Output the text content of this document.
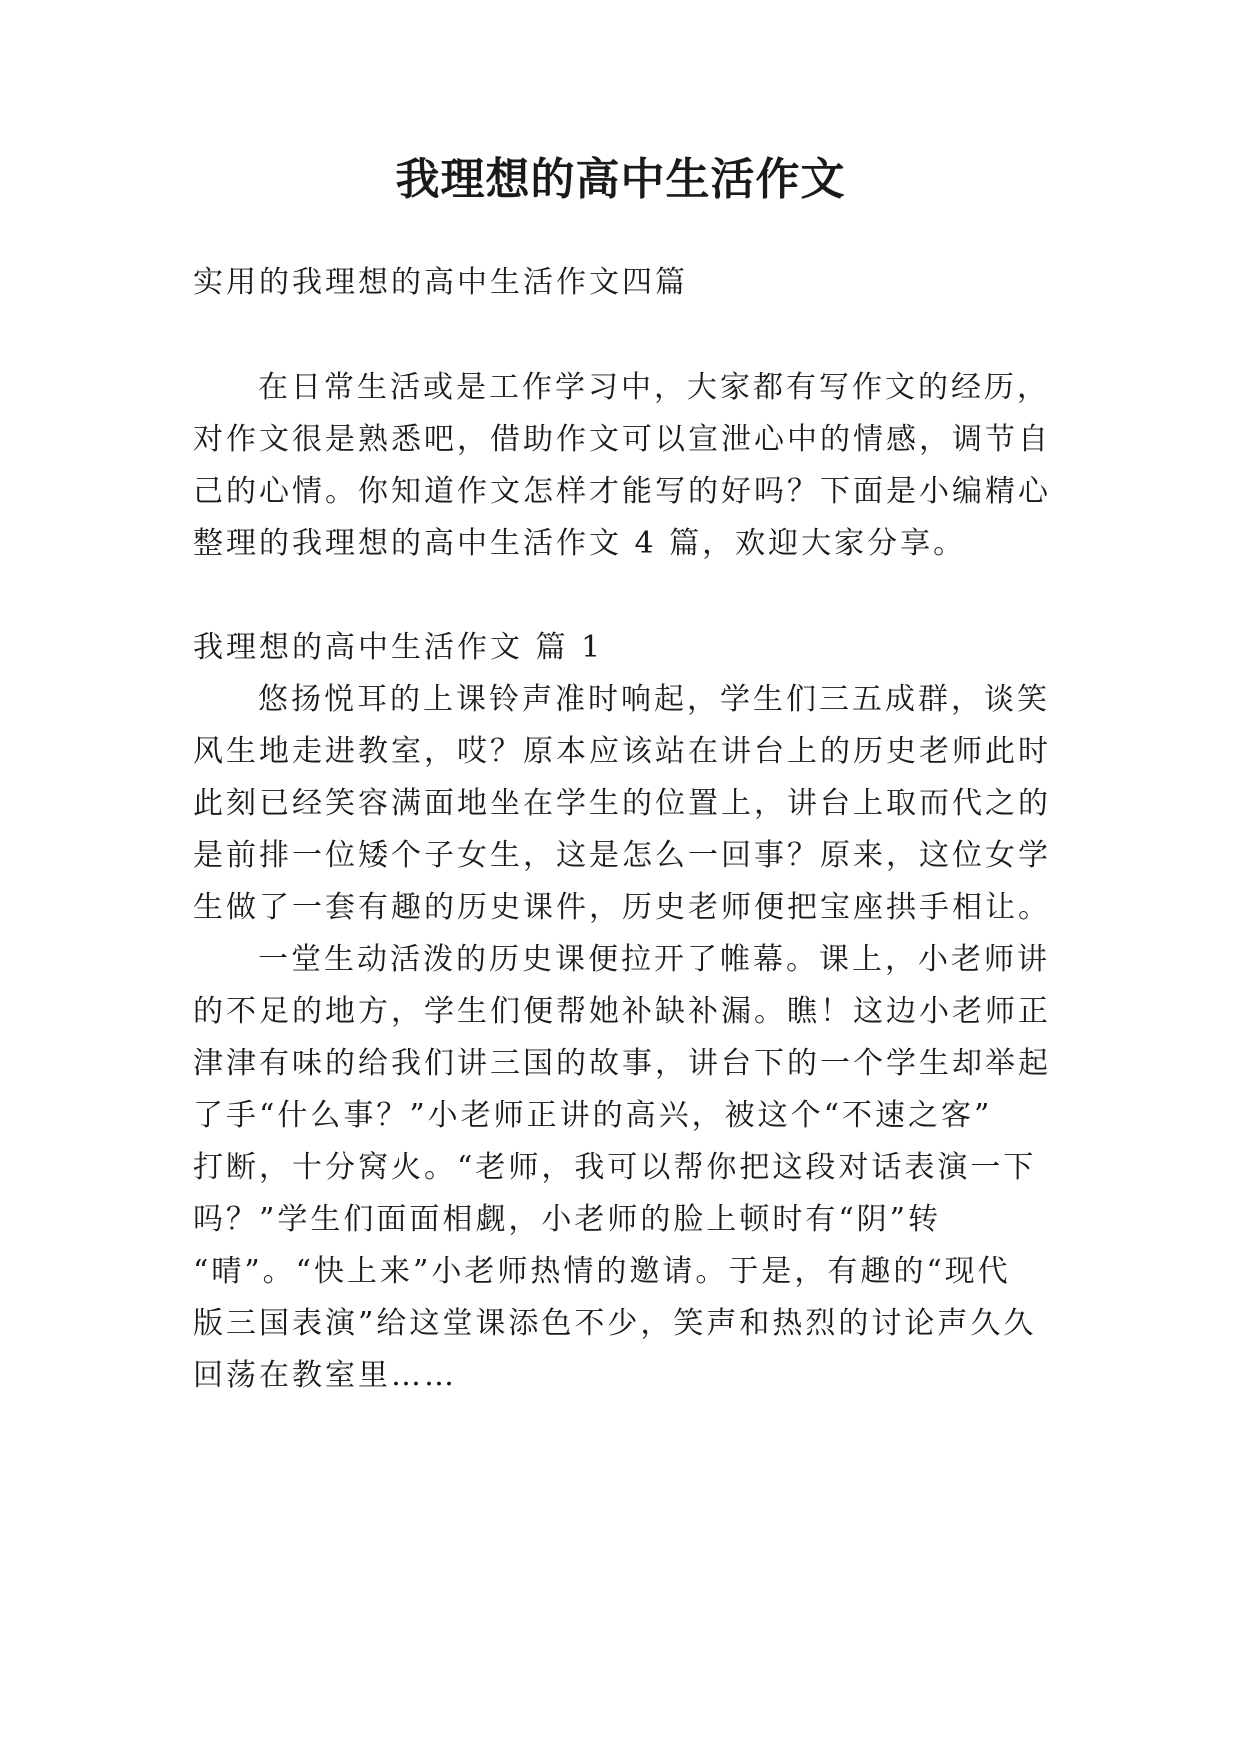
我理想的高中生活作文
实用的我理想的高中生活作文四篇
在日常生活或是工作学习中，大家都有写作文的经历，
对作文很是熟悉吧，借助作文可以宣泄心中的情感，调节自
己的心情。你知道作文怎样才能写的好吗？下面是小编精心
整理的我理想的高中生活作文 4 篇，欢迎大家分享。
我理想的高中生活作文 篇 1
悠扬悦耳的上课铃声准时响起，学生们三五成群，谈笑
风生地走进教室，哎？原本应该站在讲台上的历史老师此时
此刻已经笑容满面地坐在学生的位置上，讲台上取而代之的
是前排一位矮个子女生，这是怎么一回事？原来，这位女学
生做了一套有趣的历史课件，历史老师便把宝座拱手相让。
一堂生动活泼的历史课便拉开了帷幕。课上，小老师讲
的不足的地方，学生们便帮她补缺补漏。瞧！这边小老师正
津津有味的给我们讲三国的故事，讲台下的一个学生却举起
了手“什么事？”小老师正讲的高兴，被这个“不速之客”
打断，十分窝火。“老师，我可以帮你把这段对话表演一下
吗？”学生们面面相觑，小老师的脸上顿时有“阴”转
“晴”。“快上来”小老师热情的邀请。于是，有趣的“现代
版三国表演”给这堂课添色不少，笑声和热烈的讨论声久久
回荡在教室里……
